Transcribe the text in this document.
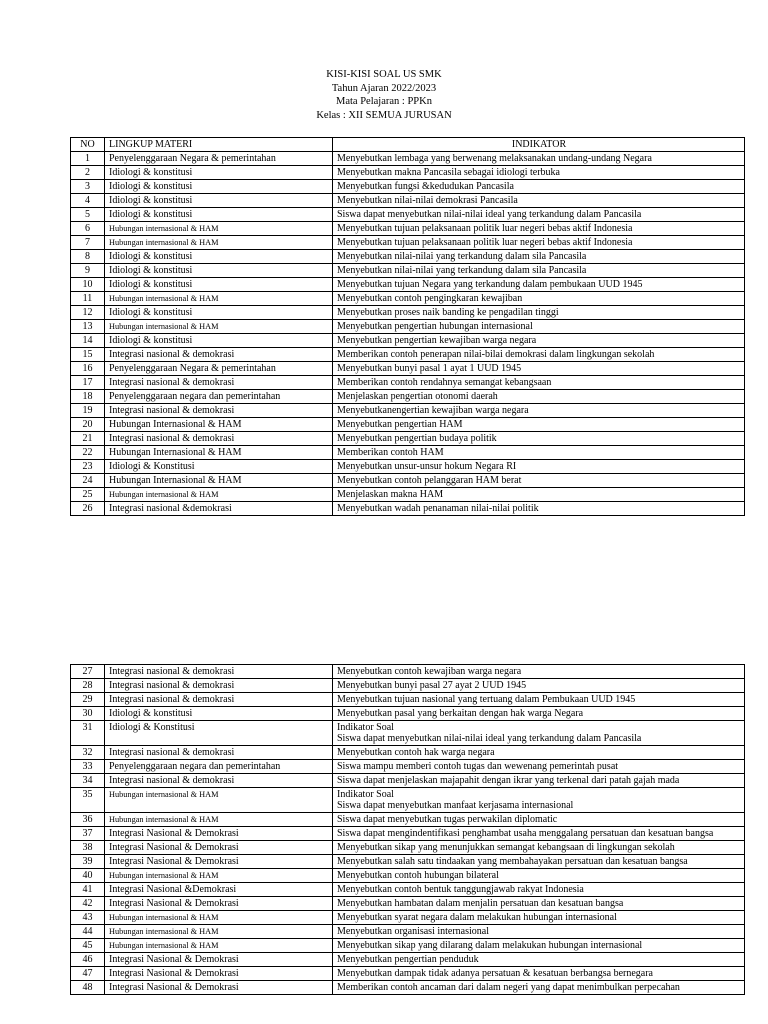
KISI-KISI SOAL US SMK
Tahun Ajaran 2022/2023
Mata Pelajaran : PPKn
Kelas : XII SEMUA JURUSAN
NO	LINGKUP MATERI	INDIKATOR
1	Penyelenggaraan Negara & pemerintahan	Menyebutkan lembaga yang berwenang melaksanakan undang-undang Negara
2	Idiologi & konstitusi	Menyebutkan makna Pancasila sebagai idiologi terbuka
3	Idiologi & konstitusi	Menyebutkan fungsi &kedudukan Pancasila
4	Idiologi & konstitusi	Menyebutkan nilai-nilai demokrasi Pancasila
5	Idiologi & konstitusi	Siswa dapat menyebutkan nilai-nilai ideal yang terkandung dalam Pancasila
6	Hubungan internasional & HAM	Menyebutkan tujuan pelaksanaan politik luar negeri bebas aktif Indonesia
7	Hubungan internasional & HAM	Menyebutkan tujuan pelaksanaan politik luar negeri bebas aktif Indonesia
8	Idiologi & konstitusi	Menyebutkan nilai-nilai yang terkandung dalam sila Pancasila
9	Idiologi & konstitusi	Menyebutkan nilai-nilai yang terkandung dalam sila Pancasila
10	Idiologi & konstitusi	Menyebutkan tujuan Negara yang terkandung dalam pembukaan UUD 1945
11	Hubungan internasional & HAM	Menyebutkan contoh pengingkaran kewajiban
12	Idiologi & konstitusi	Menyebutkan proses naik banding ke pengadilan tinggi
13	Hubungan internasional & HAM	Menyebutkan pengertian hubungan internasional
14	Idiologi & konstitusi	Menyebutkan pengertian kewajiban warga negara
15	Integrasi nasional & demokrasi	Memberikan contoh penerapan nilai-bilai demokrasi dalam lingkungan sekolah
16	Penyelenggaraan Negara & pemerintahan	Menyebutkan bunyi pasal 1 ayat 1 UUD 1945
17	Integrasi nasional & demokrasi	Memberikan contoh rendahnya semangat kebangsaan
18	Penyelenggaraan negara dan pemerintahan	Menjelaskan pengertian otonomi daerah
19	Integrasi nasional & demokrasi	Menyebutkanengertian kewajiban warga negara
20	Hubungan Internasional & HAM	Menyebutkan pengertian HAM
21	Integrasi nasional & demokrasi	Menyebutkan pengertian budaya politik
22	Hubungan Internasional & HAM	Memberikan contoh HAM
23	Idiologi & Konstitusi	Menyebutkan unsur-unsur hokum Negara RI
24	Hubungan Internasional & HAM	Menyebutkan contoh pelanggaran HAM berat
25	Hubungan internasional & HAM	Menjelaskan makna HAM
26	Integrasi nasional &demokrasi	Menyebutkan wadah penanaman nilai-nilai politik
27	Integrasi nasional & demokrasi	Menyebutkan contoh kewajiban warga negara
28	Integrasi nasional & demokrasi	Menyebutkan bunyi pasal 27 ayat 2 UUD 1945
29	Integrasi nasional & demokrasi	Menyebutkan tujuan nasional yang tertuang dalam Pembukaan UUD 1945
30	Idiologi & konstitusi	Menyebutkan pasal yang berkaitan dengan hak warga Negara
31	Idiologi & Konstitusi	Indikator Soal
Siswa dapat menyebutkan nilai-nilai ideal yang terkandung dalam Pancasila

32	Integrasi nasional & demokrasi	Menyebutkan contoh hak warga negara
33	Penyelenggaraan negara dan pemerintahan	Siswa mampu memberi contoh tugas dan wewenang pemerintah pusat
34	Integrasi nasional & demokrasi	Siswa dapat menjelaskan majapahit dengan ikrar yang terkenal dari patah gajah mada
35	Hubungan internasional & HAM	Indikator Soal
Siswa dapat menyebutkan manfaat kerjasama internasional

36	Hubungan internasional & HAM	Siswa dapat menyebutkan tugas perwakilan diplomatic
37	Integrasi Nasional & Demokrasi	Siswa dapat mengindentifikasi penghambat usaha menggalang persatuan dan kesatuan bangsa
38	Integrasi Nasional & Demokrasi	Menyebutkan sikap yang menunjukkan semangat kebangsaan di lingkungan sekolah
39	Integrasi Nasional & Demokrasi	Menyebutkan salah satu tindaakan yang membahayakan persatuan dan kesatuan bangsa
40	Hubungan internasional & HAM	Menyebutkan contoh hubungan bilateral
41	Integrasi Nasional &Demokrasi	Menyebutkan contoh bentuk tanggungjawab rakyat Indonesia
42	Integrasi Nasional & Demokrasi	Menyebutkan hambatan dalam menjalin persatuan dan kesatuan bangsa
43	Hubungan internasional & HAM	Menyebutkan syarat negara dalam melakukan hubungan internasional
44	Hubungan internasional & HAM	Menyebutkan organisasi internasional
45	Hubungan internasional & HAM	Menyebutkan sikap yang dilarang dalam melakukan hubungan internasional
46	Integrasi Nasional & Demokrasi	Menyebutkan pengertian penduduk
47	Integrasi Nasional & Demokrasi	Menyebutkan dampak tidak adanya persatuan & kesatuan berbangsa bernegara
48	Integrasi Nasional & Demokrasi	Memberikan contoh ancaman dari dalam negeri yang dapat menimbulkan perpecahan
